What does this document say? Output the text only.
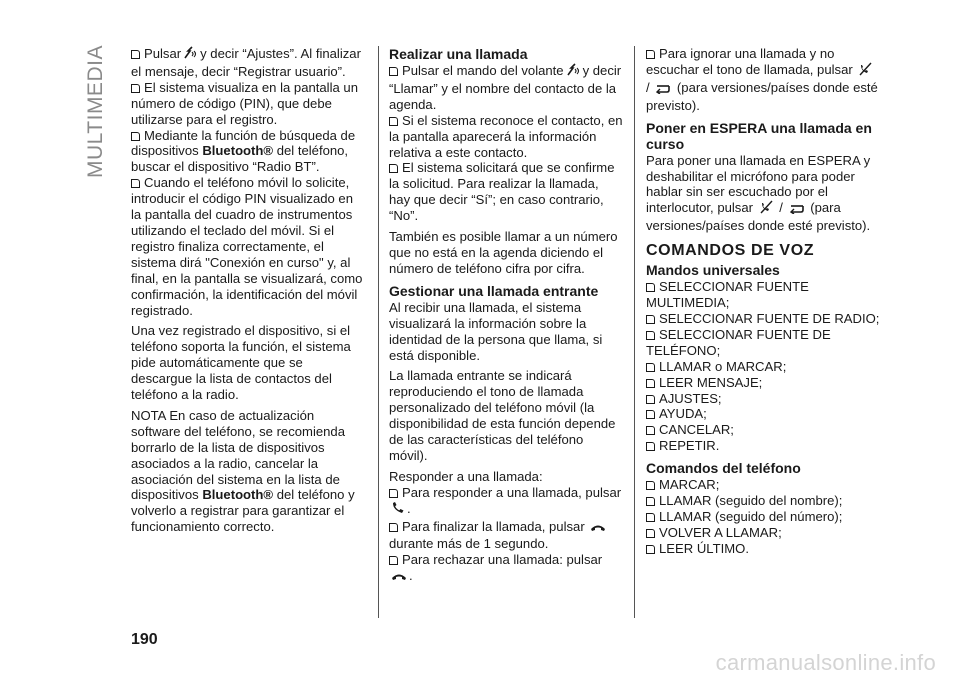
MULTIMEDIA	Pulsar y decir “Ajustes”. Al finalizar el mensaje, decir “Registrar usuario”.

El sistema visualiza en la pantalla un número de código (PIN), que debe utilizarse para el registro.

Mediante la función de búsqueda de dispositivos Bluetooth® del teléfono, buscar el dispositivo “Radio BT”.

Cuando el teléfono móvil lo solicite, introducir el código PIN visualizado en la pantalla del cuadro de instrumentos utilizando el teclado del móvil. Si el registro finaliza correctamente, el sistema dirá "Conexión en curso" y, al final, en la pantalla se visualizará, como confirmación, la identificación del móvil registrado.

Una vez registrado el dispositivo, si el teléfono soporta la función, el sistema pide automáticamente que se descargue la lista de contactos del teléfono a la radio.

NOTA En caso de actualización software del teléfono, se recomienda borrarlo de la lista de dispositivos asociados a la radio, cancelar la asociación del sistema en la lista de dispositivos Bluetooth® del teléfono y volverlo a registrar para garantizar el funcionamiento correcto.

Realizar una llamada

Pulsar el mando del volante y decir “Llamar” y el nombre del contacto de la agenda.

Si el sistema reconoce el contacto, en la pantalla aparecerá la información relativa a este contacto.

El sistema solicitará que se confirme la solicitud. Para realizar la llamada, hay que decir “Sí”; en caso contrario, “No”.

También es posible llamar a un número que no está en la agenda diciendo el número de teléfono cifra por cifra.

Gestionar una llamada entrante

Al recibir una llamada, el sistema visualizará la información sobre la identidad de la persona que llama, si está disponible.

La llamada entrante se indicará reproduciendo el tono de llamada personalizado del teléfono móvil (la disponibilidad de esta función depende de las características del teléfono móvil).

Responder a una llamada:

Para responder a una llamada, pulsar
.

Para finalizar la llamada, pulsar
durante más de 1 segundo.

Para rechazar una llamada: pulsar
.

Para ignorar una llamada y no escuchar el tono de llamada, pulsar
/ (para versiones/países donde esté previsto).

Poner en ESPERA una llamada en curso

Para poner una llamada en ESPERA y deshabilitar el micrófono para poder hablar sin ser escuchado por el interlocutor, pulsar / (para versiones/países donde esté previsto).

COMANDOS DE VOZ
Mandos universales

SELECCIONAR FUENTE MULTIMEDIA;

SELECCIONAR FUENTE DE RADIO;

SELECCIONAR FUENTE DE TELÉFONO;

LLAMAR o MARCAR;

LEER MENSAJE;

AJUSTES;

AYUDA;

CANCELAR;

REPETIR.

Comandos del teléfono

MARCAR;

LLAMAR (seguido del nombre);

LLAMAR (seguido del número);

VOLVER A LLAMAR;

LEER ÚLTIMO.

190
carmanualsonline.info
